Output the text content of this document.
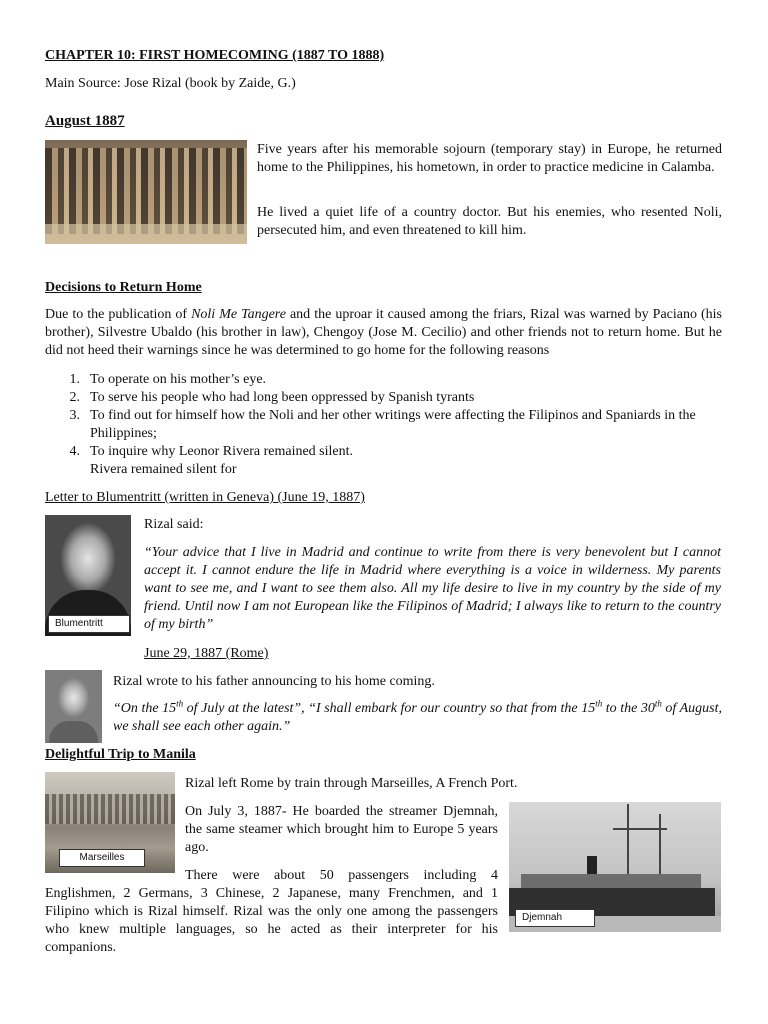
CHAPTER 10: FIRST HOMECOMING (1887 TO 1888)
Main Source: Jose Rizal (book by Zaide, G.)
August 1887
Five years after his memorable sojourn (temporary stay) in Europe, he returned home to the Philippines, his hometown, in order to practice medicine in Calamba.
He lived a quiet life of a country doctor. But his enemies, who resented Noli, persecuted him, and even threatened to kill him.
Decisions to Return Home
Due to the publication of Noli Me Tangere and the uproar it caused among the friars, Rizal was warned by Paciano (his brother), Silvestre Ubaldo (his brother in law), Chengoy (Jose M. Cecilio) and other friends not to return home. But he did not heed their warnings since he was determined to go home for the following reasons
1. To operate on his mother’s eye.
2. To serve his people who had long been oppressed by Spanish tyrants
3. To find out for himself how the Noli and her other writings were affecting the Filipinos and Spaniards in the Philippines;
4. To inquire why Leonor Rivera remained silent.
Rivera remained silent for
Letter to Blumentritt (written in Geneva) (June 19, 1887)
Blumentritt
Rizal said:
“Your advice that I live in Madrid and continue to write from there is very benevolent but I cannot accept it. I cannot endure the life in Madrid where everything is a voice in wilderness. My parents want to see me, and I want to see them also. All my life desire to live in my country by the side of my friend. Until now I am not European like the Filipinos of Madrid; I always like to return to the country of my birth”
June 29, 1887 (Rome)
Rizal wrote to his father announcing to his home coming.
“On the 15th of July at the latest”, “I shall embark for our country so that from the 15th to the 30th of August, we shall see each other again.”
Delightful Trip to Manila
Marseilles
Rizal left Rome by train through Marseilles, A French Port.
On July 3, 1887- He boarded the streamer Djemnah, the same steamer which brought him to Europe 5 years ago.
There were about 50 passengers including 4
Englishmen, 2 Germans, 3 Chinese, 2 Japanese, many Frenchmen, and 1 Filipino which is Rizal himself. Rizal was the only one among the passengers who knew multiple languages, so he acted as their interpreter for his companions.
Djemnah
